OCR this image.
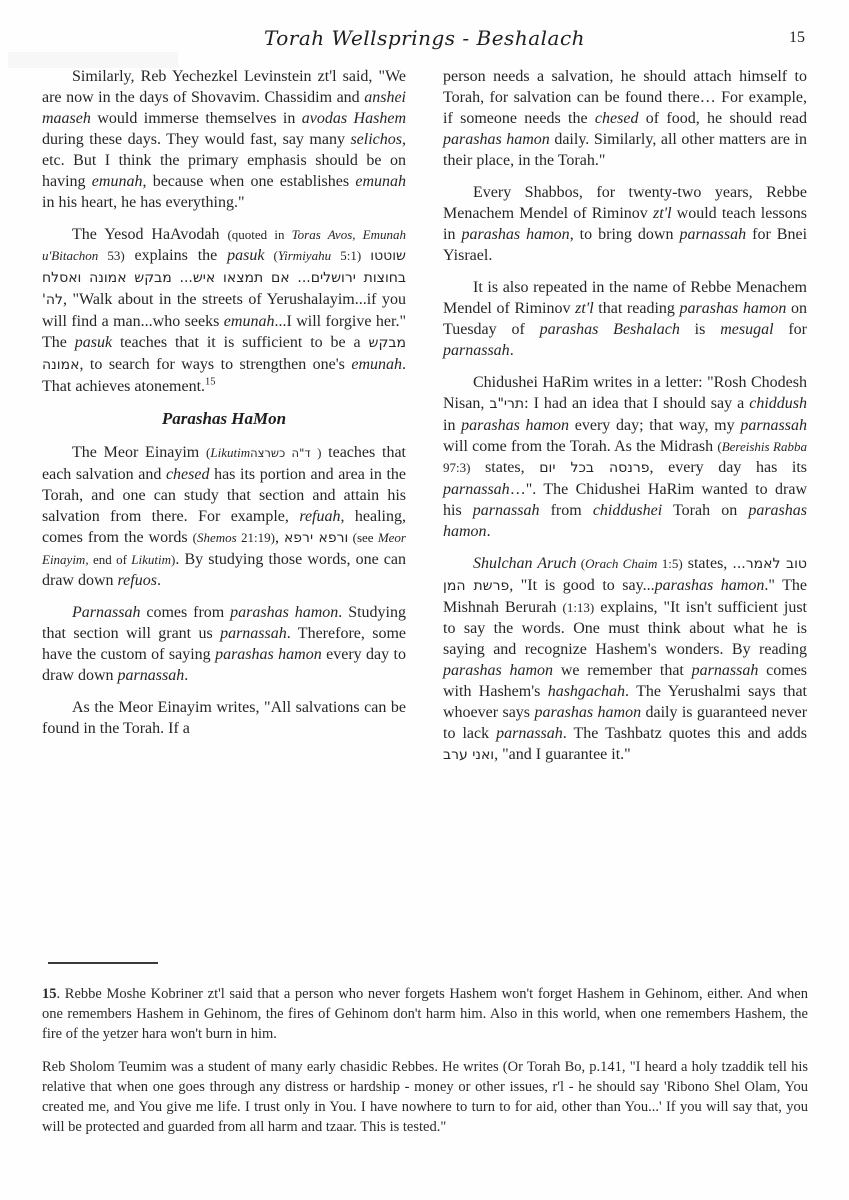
Torah Wellsprings - Beshalach	15

Similarly, Reb Yechezkel Levinstein zt'l said, "We are now in the days of Shovavim. Chassidim and anshei maaseh would immerse themselves in avodas Hashem during these days. They would fast, say many selichos, etc. But I think the primary emphasis should be on having emunah, because when one establishes emunah in his heart, he has everything."

The Yesod HaAvodah (quoted in Toras Avos, Emunah u'Bitachon 53) explains the pasuk (Yirmiyahu 5:1) שוטטו בחוצות ירושלים... אם תמצאו איש... מבקש אמונה ואסלח לה', "Walk about in the streets of Yerushalayim...if you will find a man...who seeks emunah...I will forgive her." The pasuk teaches that it is sufficient to be a מבקש אמונה, to search for ways to strengthen one's emunah. That achieves atonement.$^{15}$

Parashas HaMon

The Meor Einayim (Likutim ד"ה כשרצה) teaches that each salvation and chesed has its portion and area in the Torah, and one can study that section and attain his salvation from there. For example, refuah, healing, comes from the words (Shemos 21:19), ורפא ירפא (see Meor Einayim, end of Likutim). By studying those words, one can draw down refuos.

Parnassah comes from parashas hamon. Studying that section will grant us parnassah. Therefore, some have the custom of saying parashas hamon every day to draw down parnassah.

As the Meor Einayim writes, "All salvations can be found in the Torah. If a

person needs a salvation, he should attach himself to Torah, for salvation can be found there… For example, if someone needs the chesed of food, he should read parashas hamon daily. Similarly, all other matters are in their place, in the Torah."

Every Shabbos, for twenty-two years, Rebbe Menachem Mendel of Riminov zt'l would teach lessons in parashas hamon, to bring down parnassah for Bnei Yisrael.

It is also repeated in the name of Rebbe Menachem Mendel of Riminov zt'l that reading parashas hamon on Tuesday of parashas Beshalach is mesugal for parnassah.

Chidushei HaRim writes in a letter: "Rosh Chodesh Nisan, תרי"ב: I had an idea that I should say a chiddush in parashas hamon every day; that way, my parnassah will come from the Torah. As the Midrash (Bereishis Rabba 97:3) states, פרנסה בכל יום, every day has its parnassah…". The Chidushei HaRim wanted to draw his parnassah from chiddushei Torah on parashas hamon.

Shulchan Aruch (Orach Chaim 1:5) states, טוב לאמר... פרשת המן, "It is good to say...parashas hamon." The Mishnah Berurah (1:13) explains, "It isn't sufficient just to say the words. One must think about what he is saying and recognize Hashem's wonders. By reading parashas hamon we remember that parnassah comes with Hashem's hashgachah. The Yerushalmi says that whoever says parashas hamon daily is guaranteed never to lack parnassah. The Tashbatz quotes this and adds ואני ערב, "and I guarantee it."

15. Rebbe Moshe Kobriner zt'l said that a person who never forgets Hashem won't forget Hashem in Gehinom, either. And when one remembers Hashem in Gehinom, the fires of Gehinom don't harm him. Also in this world, when one remembers Hashem, the fire of the yetzer hara won't burn in him.

Reb Sholom Teumim was a student of many early chasidic Rebbes. He writes (Or Torah Bo, p.141, "I heard a holy tzaddik tell his relative that when one goes through any distress or hardship - money or other issues, r'l - he should say 'Ribono Shel Olam, You created me, and You give me life. I trust only in You. I have nowhere to turn to for aid, other than You...' If you will say that, you will be protected and guarded from all harm and tzaar. This is tested."
